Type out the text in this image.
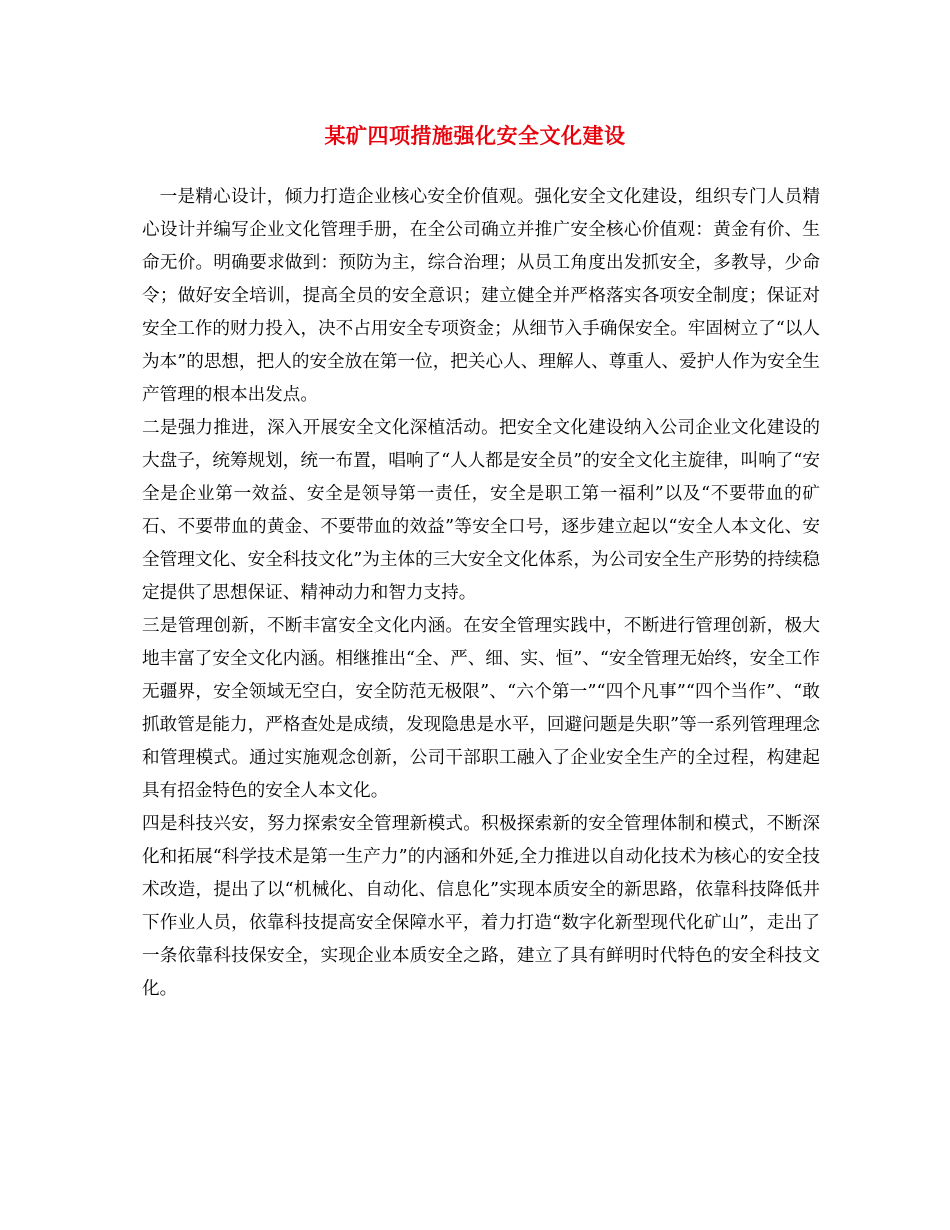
某矿四项措施强化安全文化建设

一是精心设计，倾力打造企业核心安全价值观。强化安全文化建设，组织专门人员精心设计并编写企业文化管理手册，在全公司确立并推广安全核心价值观：黄金有价、生命无价。明确要求做到：预防为主，综合治理；从员工角度出发抓安全，多教导，少命令；做好安全培训，提高全员的安全意识；建立健全并严格落实各项安全制度；保证对安全工作的财力投入，决不占用安全专项资金；从细节入手确保安全。牢固树立了“以人为本”的思想，把人的安全放在第一位，把关心人、理解人、尊重人、爱护人作为安全生产管理的根本出发点。

二是强力推进，深入开展安全文化深植活动。把安全文化建设纳入公司企业文化建设的大盘子，统筹规划，统一布置，唱响了“人人都是安全员”的安全文化主旋律，叫响了“安全是企业第一效益、安全是领导第一责任，安全是职工第一福利”以及“不要带血的矿石、不要带血的黄金、不要带血的效益”等安全口号，逐步建立起以“安全人本文化、安全管理文化、安全科技文化”为主体的三大安全文化体系，为公司安全生产形势的持续稳定提供了思想保证、精神动力和智力支持。

三是管理创新，不断丰富安全文化内涵。在安全管理实践中，不断进行管理创新，极大地丰富了安全文化内涵。相继推出“全、严、细、实、恒”、“安全管理无始终，安全工作无疆界，安全领域无空白，安全防范无极限”、“六个第一”“四个凡事”“四个当作”、“敢抓敢管是能力，严格查处是成绩，发现隐患是水平，回避问题是失职”等一系列管理理念和管理模式。通过实施观念创新，公司干部职工融入了企业安全生产的全过程，构建起具有招金特色的安全人本文化。

四是科技兴安，努力探索安全管理新模式。积极探索新的安全管理体制和模式，不断深化和拓展“科学技术是第一生产力”的内涵和外延,全力推进以自动化技术为核心的安全技术改造，提出了以“机械化、自动化、信息化”实现本质安全的新思路，依靠科技降低井下作业人员，依靠科技提高安全保障水平，着力打造“数字化新型现代化矿山”，走出了一条依靠科技保安全，实现企业本质安全之路，建立了具有鲜明时代特色的安全科技文化。
